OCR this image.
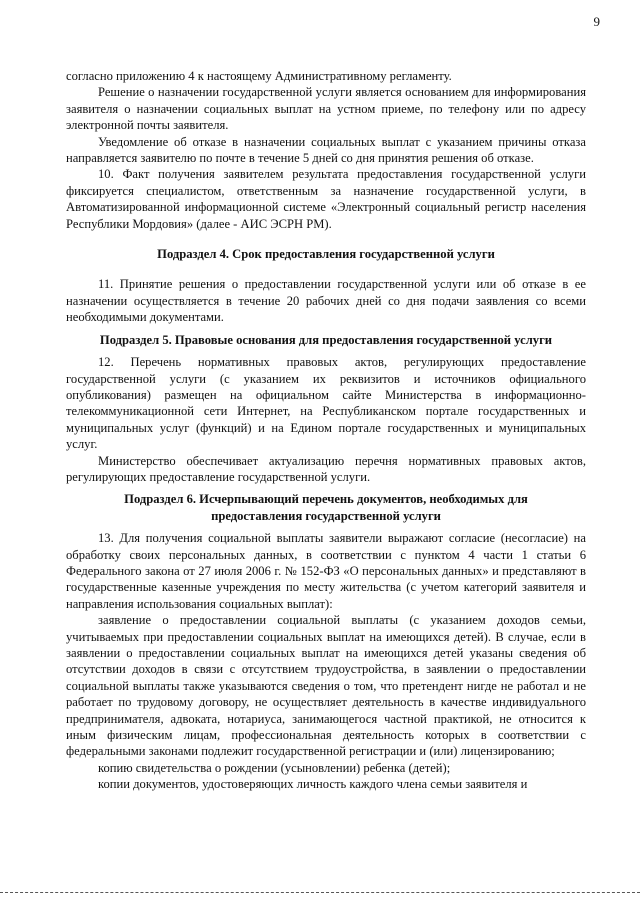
9

согласно приложению 4 к настоящему Административному регламенту.

Решение о назначении государственной услуги является основанием для информирования заявителя о назначении социальных выплат на устном приеме, по телефону или по адресу электронной почты заявителя.

Уведомление об отказе в назначении социальных выплат с указанием причины отказа направляется заявителю по почте в течение 5 дней со дня принятия решения об отказе.

10. Факт получения заявителем результата предоставления государственной услуги фиксируется специалистом, ответственным за назначение государственной услуги, в Автоматизированной информационной системе «Электронный социальный регистр населения Республики Мордовия» (далее - АИС ЭСРН РМ).

Подраздел 4. Срок предоставления государственной услуги

11. Принятие решения о предоставлении государственной услуги или об отказе в ее назначении осуществляется в течение 20 рабочих дней со дня подачи заявления со всеми необходимыми документами.

Подраздел 5. Правовые основания для предоставления государственной услуги

12. Перечень нормативных правовых актов, регулирующих предоставление государственной услуги (с указанием их реквизитов и источников официального опубликования) размещен на официальном сайте Министерства в информационно-телекоммуникационной сети Интернет, на Республиканском портале государственных и муниципальных услуг (функций) и на Едином портале государственных и муниципальных услуг.

Министерство обеспечивает актуализацию перечня нормативных правовых актов, регулирующих предоставление государственной услуги.

Подраздел 6. Исчерпывающий перечень документов, необходимых для
предоставления государственной услуги

13. Для получения социальной выплаты заявители выражают согласие (несогласие) на обработку своих персональных данных, в соответствии с пунктом 4 части 1 статьи 6 Федерального закона от 27 июля 2006 г. № 152-ФЗ «О персональных данных» и представляют в государственные казенные учреждения по месту жительства (с учетом категорий заявителя и направления использования социальных выплат):

заявление о предоставлении социальной выплаты (с указанием доходов семьи, учитываемых при предоставлении социальных выплат на имеющихся детей). В случае, если в заявлении о предоставлении социальных выплат на имеющихся детей указаны сведения об отсутствии доходов в связи с отсутствием трудоустройства, в заявлении о предоставлении социальной выплаты также указываются сведения о том, что претендент нигде не работал и не работает по трудовому договору, не осуществляет деятельность в качестве индивидуального предпринимателя, адвоката, нотариуса, занимающегося частной практикой, не относится к иным физическим лицам, профессиональная деятельность которых в соответствии с федеральными законами подлежит государственной регистрации и (или) лицензированию;

копию свидетельства о рождении (усыновлении) ребенка (детей);

копии документов, удостоверяющих личность каждого члена семьи заявителя и
